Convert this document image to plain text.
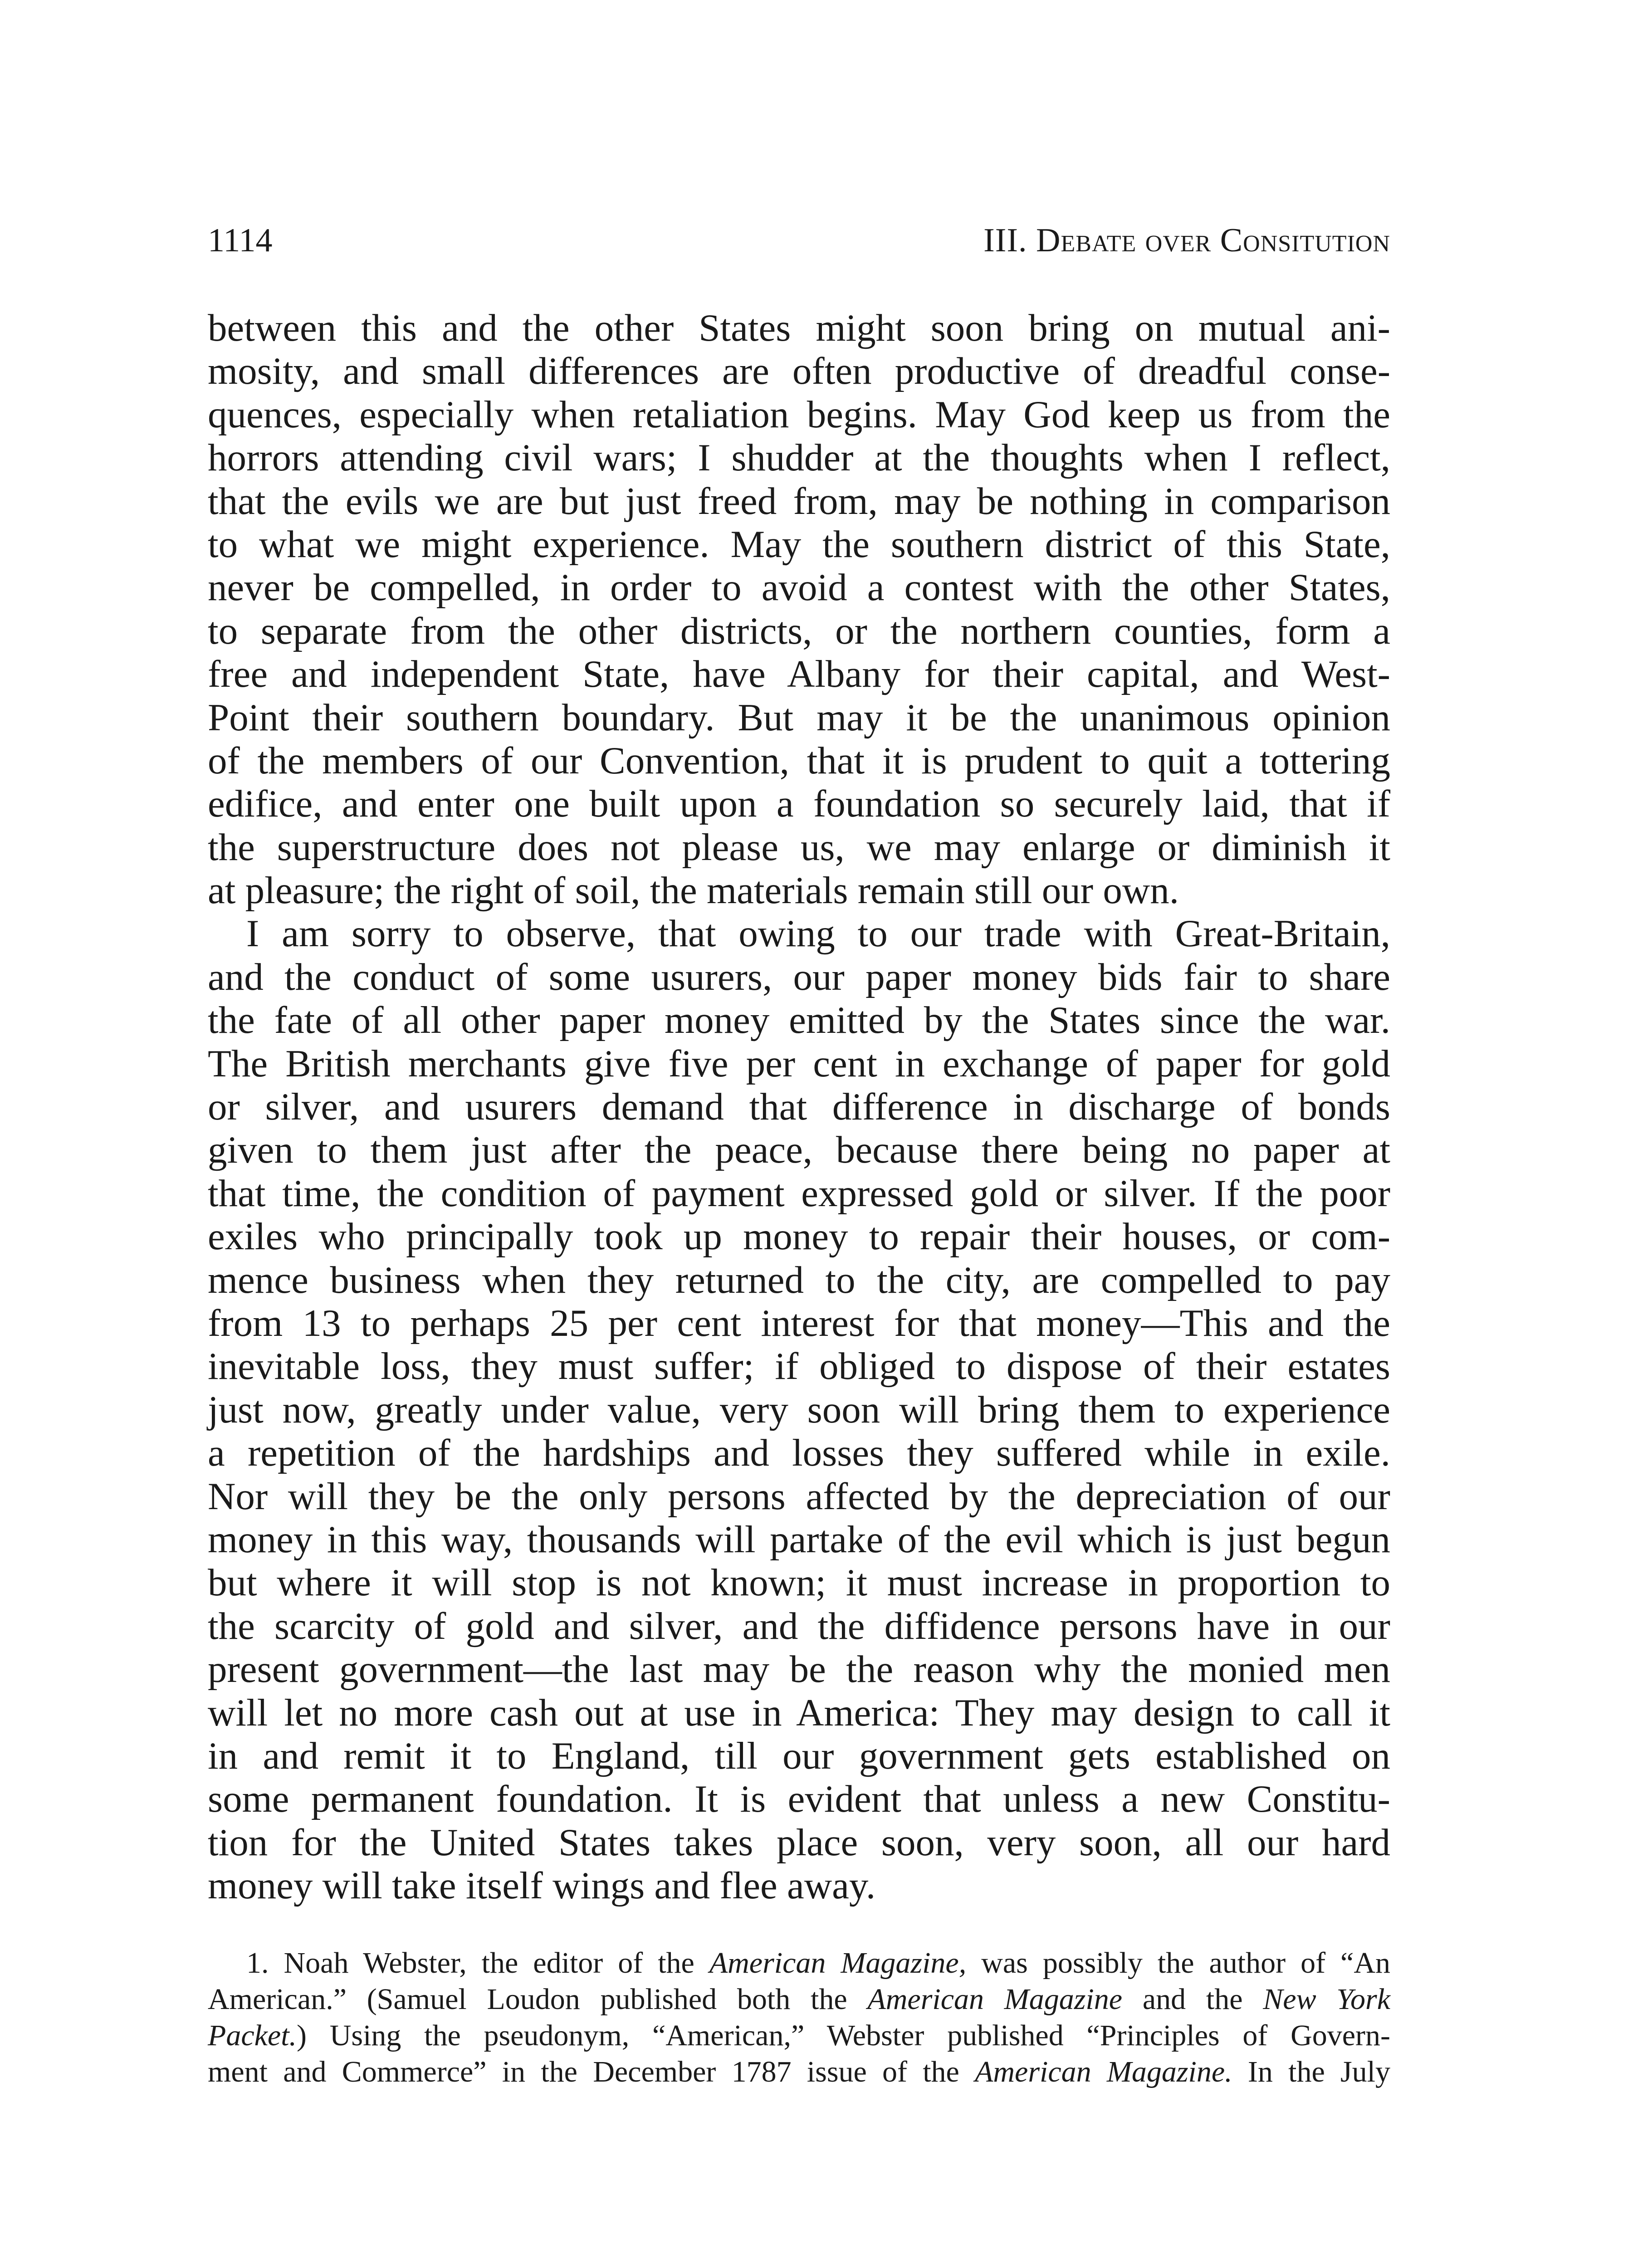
1114	III. Debate over Consitution
between this and the other States might soon bring on mutual ani-
mosity, and small differences are often productive of dreadful conse-
quences, especially when retaliation begins. May God keep us from the
horrors attending civil wars; I shudder at the thoughts when I reflect,
that the evils we are but just freed from, may be nothing in comparison
to what we might experience. May the southern district of this State,
never be compelled, in order to avoid a contest with the other States,
to separate from the other districts, or the northern counties, form a
free and independent State, have Albany for their capital, and West-
Point their southern boundary. But may it be the unanimous opinion
of the members of our Convention, that it is prudent to quit a tottering
edifice, and enter one built upon a foundation so securely laid, that if
the superstructure does not please us, we may enlarge or diminish it
at pleasure; the right of soil, the materials remain still our own.
I am sorry to observe, that owing to our trade with Great-Britain,
and the conduct of some usurers, our paper money bids fair to share
the fate of all other paper money emitted by the States since the war.
The British merchants give five per cent in exchange of paper for gold
or silver, and usurers demand that difference in discharge of bonds
given to them just after the peace, because there being no paper at
that time, the condition of payment expressed gold or silver. If the poor
exiles who principally took up money to repair their houses, or com-
mence business when they returned to the city, are compelled to pay
from 13 to perhaps 25 per cent interest for that money—This and the
inevitable loss, they must suffer; if obliged to dispose of their estates
just now, greatly under value, very soon will bring them to experience
a repetition of the hardships and losses they suffered while in exile.
Nor will they be the only persons affected by the depreciation of our
money in this way, thousands will partake of the evil which is just begun
but where it will stop is not known; it must increase in proportion to
the scarcity of gold and silver, and the diffidence persons have in our
present government—the last may be the reason why the monied men
will let no more cash out at use in America: They may design to call it
in and remit it to England, till our government gets established on
some permanent foundation. It is evident that unless a new Constitu-
tion for the United States takes place soon, very soon, all our hard
money will take itself wings and flee away.
1. Noah Webster, the editor of the American Magazine, was possibly the author of “An
American.” (Samuel Loudon published both the American Magazine and the New York
Packet.) Using the pseudonym, “American,” Webster published “Principles of Govern-
ment and Commerce” in the December 1787 issue of the American Magazine. In the July
